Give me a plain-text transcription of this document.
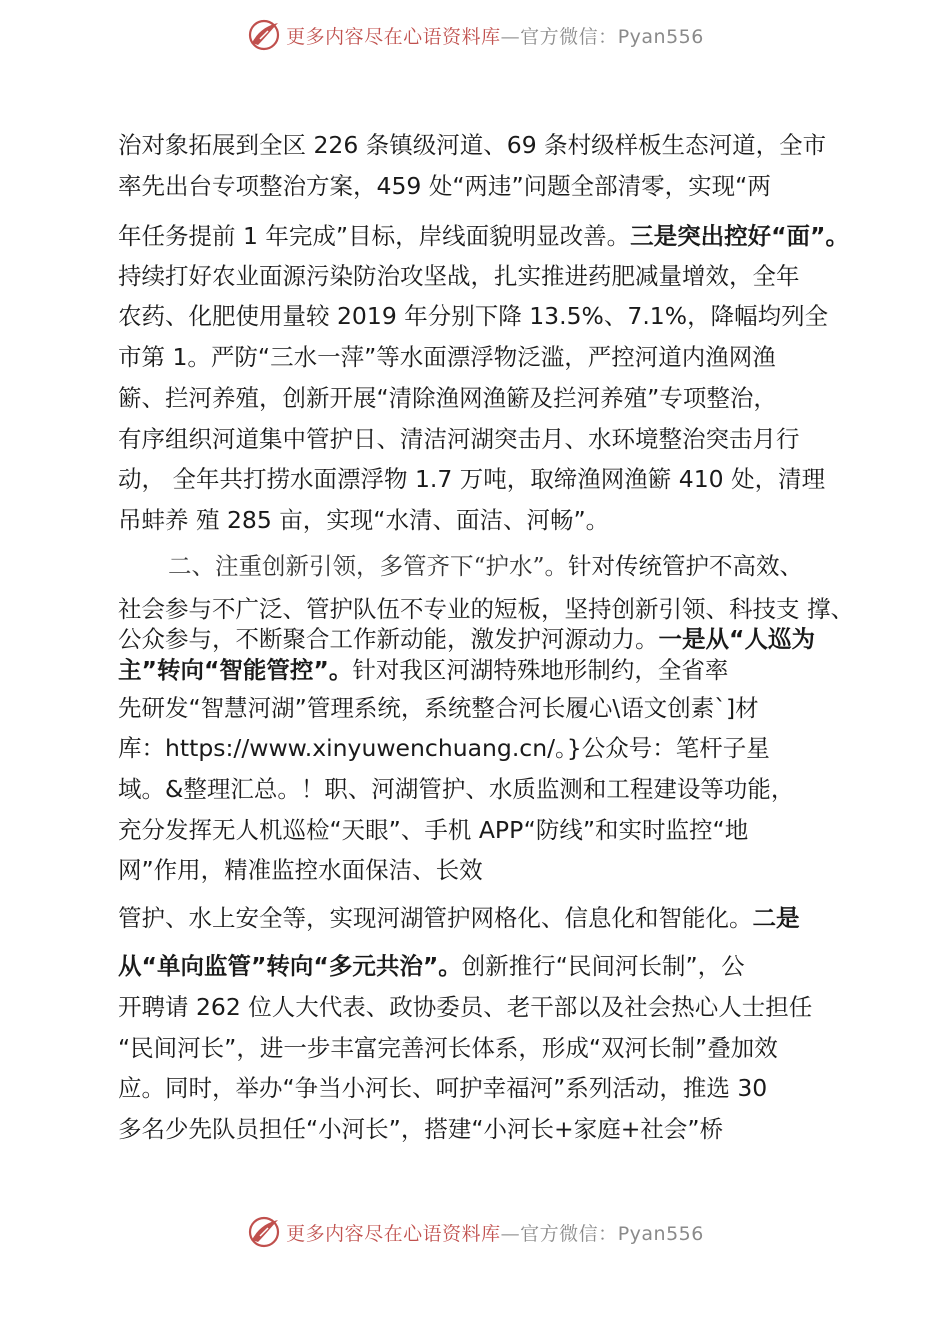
更多内容尽在心语资料库—官方微信：Pyan556
治对象拓展到全区 226 条镇级河道、69 条村级样板生态河道，全市
率先出台专项整治方案，459 处“两违”问题全部清零，实现“两
年任务提前 1 年完成”目标，岸线面貌明显改善。三是突出控好“面”。
持续打好农业面源污染防治攻坚战，扎实推进药肥减量增效，全年
农药、化肥使用量较 2019 年分别下降 13.5%、7.1%，降幅均列全
市第 1。严防“三水一萍”等水面漂浮物泛滥，严控河道内渔网渔
簖、拦河养殖，创新开展“清除渔网渔簖及拦河养殖”专项整治，
有序组织河道集中管护日、清洁河湖突击月、水环境整治突击月行
动， 全年共打捞水面漂浮物 1.7 万吨，取缔渔网渔簖 410 处，清理
吊蚌养 殖 285 亩，实现“水清、面洁、河畅”。
二、注重创新引领，多管齐下“护水”。针对传统管护不高效、
社会参与不广泛、管护队伍不专业的短板，坚持创新引领、科技支 撑、
公众参与，不断聚合工作新动能，激发护河源动力。一是从“人巡为
主”转向“智能管控”。针对我区河湖特殊地形制约，全省率
先研发“智慧河湖”管理系统，系统整合河长履心\语文创素`]材
库：https://www.xinyuwenchuang.cn/。}公众号：笔杆子星
域。&整理汇总。！职、河湖管护、水质监测和工程建设等功能，
充分发挥无人机巡检“天眼”、手机 APP“防线”和实时监控“地
网”作用，精准监控水面保洁、长效
管护、水上安全等，实现河湖管护网格化、信息化和智能化。二是
从“单向监管”转向“多元共治”。创新推行“民间河长制”，公
开聘请 262 位人大代表、政协委员、老干部以及社会热心人士担任
“民间河长”，进一步丰富完善河长体系，形成“双河长制”叠加效
应。同时，举办“争当小河长、呵护幸福河”系列活动，推选 30
多名少先队员担任“小河长”，搭建“小河长+家庭+社会”桥
更多内容尽在心语资料库—官方微信：Pyan556
